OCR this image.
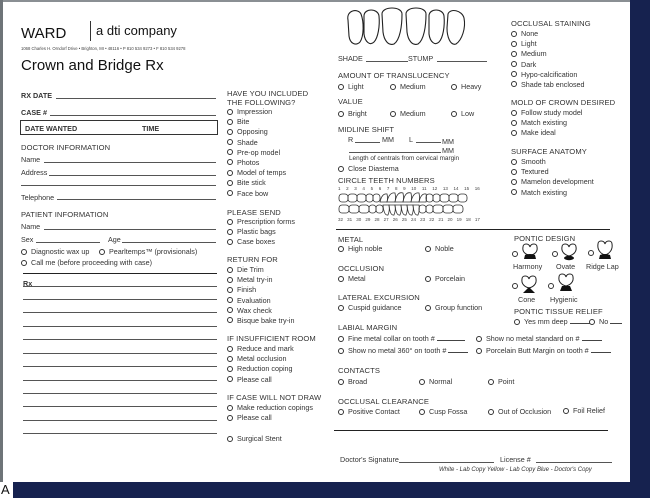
A
WARD a dti company
1068 Charles H. Orndorf Drive • Brighton, MI • 48116 • P 810 534 9273 • F 810 534 9278
Crown and Bridge Rx
RX DATE
CASE #
DATE WANTED	TIME
DOCTOR INFORMATION
Name
Address
Telephone
PATIENT INFORMATION
Name
Sex	Age
Diagnostic wax up	Pearltemps™ (provisionals)
Call me (before proceeding with case)
Rx
HAVE YOU INCLUDED
THE FOLLOWING?
Impression
Bite
Opposing
Shade
Pre-op model
Photos
Model of temps
Bite stick
Face bow
PLEASE SEND
Prescription forms
Plastic bags
Case boxes
RETURN FOR
Die Trim
Metal try-in
Finish
Evaluation
Wax check
Bisque bake try-in
IF INSUFFICIENT ROOM
Reduce and mark
Metal occlusion
Reduction coping
Please call
IF CASE WILL NOT DRAW
Make reduction copings
Please call
Surgical Stent
SHADE	STUMP
AMOUNT OF TRANSLUCENCY
Light	Medium	Heavy
VALUE
Bright	Medium	Low
MIDLINE SHIFT
R	MM L	MM
MM
Length of centrals from cervical margin
Close Diastema
CIRCLE TEETH NUMBERS
1 2 3 4 5 6 7 8 9 10 11 12 13 14 15 16
32 31 30 29 28 27 26 25 24 23 22 21 20 19 18 17
METAL
High noble	Noble
OCCLUSION
Metal	Porcelain
LATERAL EXCURSION
Cuspid guidance	Group function
LABIAL MARGIN
Fine metal collar on tooth #	Show no metal standard on #
Show no metal 360° on tooth #	Porcelain Butt Margin on tooth #
CONTACTS
Broad	Normal	Point
OCCLUSAL CLEARANCE
Positive Contact	Cusp Fossa	Out of Occlusion	Foil Relief
Doctor's Signature	License #
White - Lab Copy Yellow - Lab Copy Blue - Doctor's Copy
OCCLUSAL STAINING
None
Light
Medium
Dark
Hypo-calcification
Shade tab enclosed
MOLD OF CROWN DESIRED
Follow study model
Match existing
Make ideal
SURFACE ANATOMY
Smooth
Textured
Mamelon development
Match existing
PONTIC DESIGN
Harmony Ovate Ridge Lap
Cone Hygienic
PONTIC TISSUE RELIEF
Yes mm deep	No
